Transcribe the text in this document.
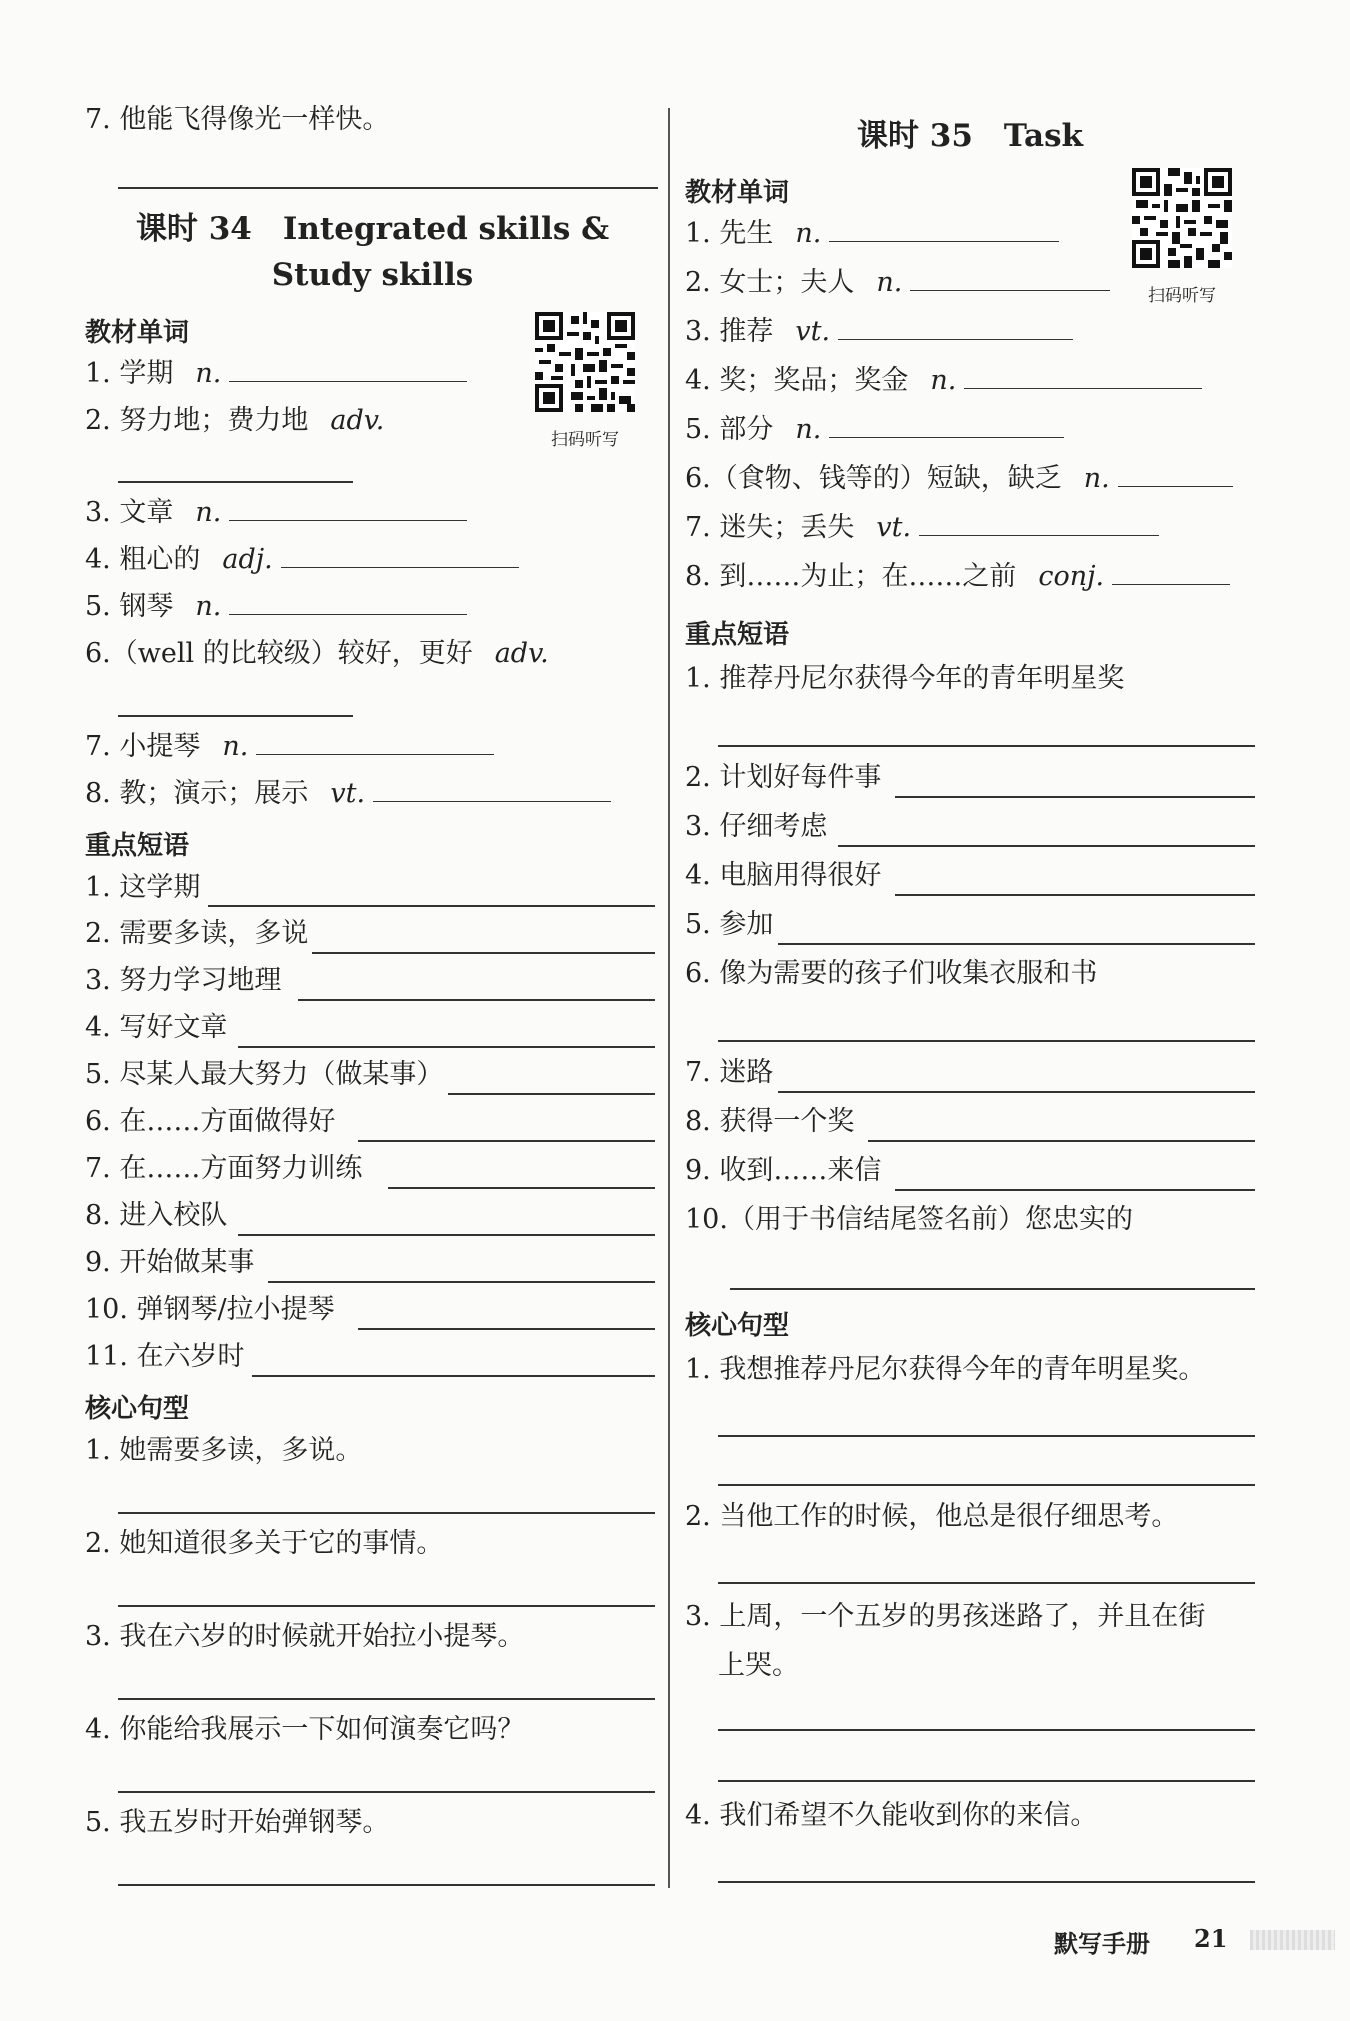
7. 他能飞得像光一样快。
课时 34　Integrated skills &
Study skills
教材单词
扫码听写
1. 学期 n.
2. 努力地；费力地 adv.
3. 文章 n.
4. 粗心的 adj.
5. 钢琴 n.
6.（well 的比较级）较好，更好 adv.
7. 小提琴 n.
8. 教；演示；展示 vt.
重点短语
1. 这学期
2. 需要多读，多说
3. 努力学习地理
4. 写好文章
5. 尽某人最大努力（做某事）
6. 在……方面做得好
7. 在……方面努力训练
8. 进入校队
9. 开始做某事
10. 弹钢琴/拉小提琴
11. 在六岁时
核心句型
1. 她需要多读，多说。
2. 她知道很多关于它的事情。
3. 我在六岁的时候就开始拉小提琴。
4. 你能给我展示一下如何演奏它吗？
5. 我五岁时开始弹钢琴。
课时 35　Task
教材单词
扫码听写
1. 先生 n.
2. 女士；夫人 n.
3. 推荐 vt.
4. 奖；奖品；奖金 n.
5. 部分 n.
6.（食物、钱等的）短缺，缺乏 n.
7. 迷失；丢失 vt.
8. 到……为止；在……之前 conj.
重点短语
1. 推荐丹尼尔获得今年的青年明星奖
2. 计划好每件事
3. 仔细考虑
4. 电脑用得很好
5. 参加
6. 像为需要的孩子们收集衣服和书
7. 迷路
8. 获得一个奖
9. 收到……来信
10.（用于书信结尾签名前）您忠实的
核心句型
1. 我想推荐丹尼尔获得今年的青年明星奖。
2. 当他工作的时候，他总是很仔细思考。
3. 上周，一个五岁的男孩迷路了，并且在街
上哭。
4. 我们希望不久能收到你的来信。
默写手册 21
